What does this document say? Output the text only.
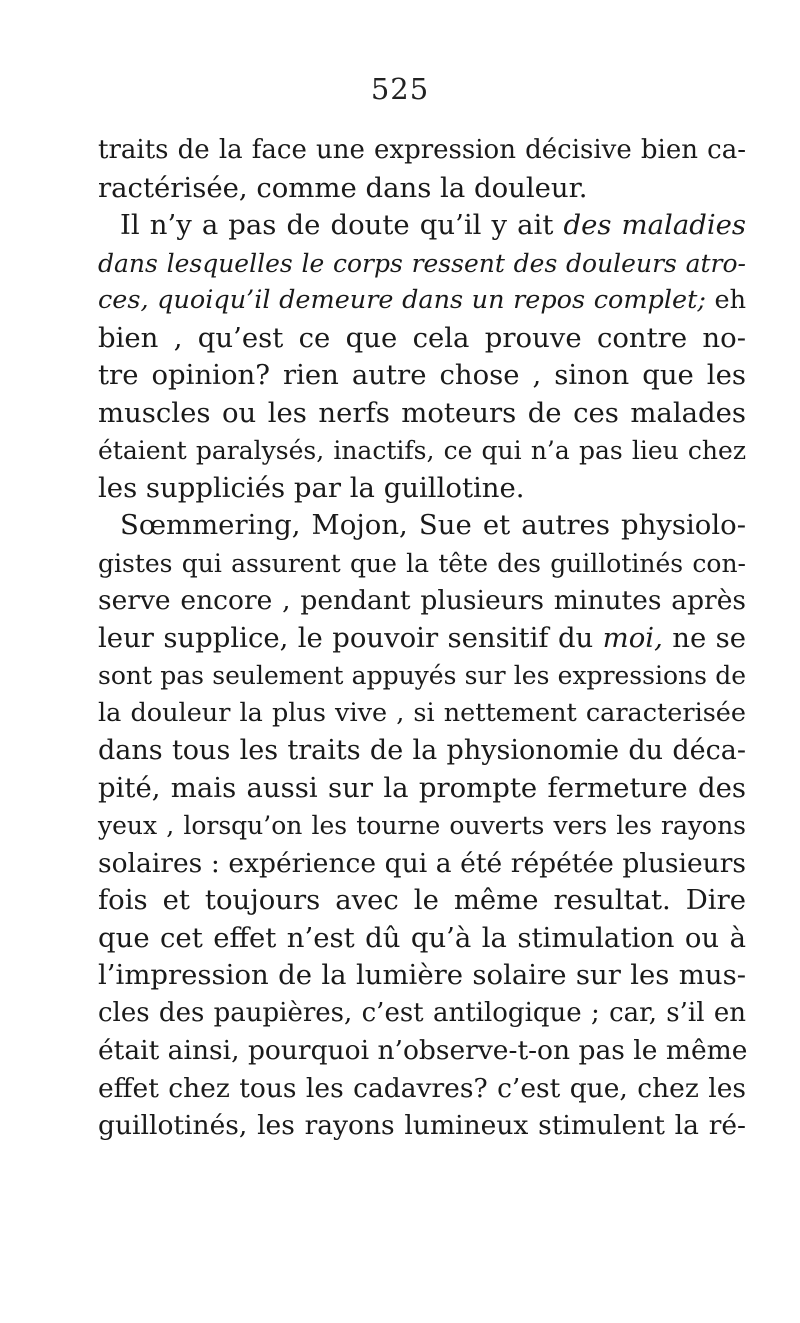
525
traits de la face une expression décisive bien ca-
ractérisée, comme dans la douleur.
Il n’y a pas de doute qu’il y ait des maladies
dans lesquelles le corps ressent des douleurs atro-
ces, quoiqu’il demeure dans un repos complet; eh
bien , qu’est ce que cela prouve contre no-
tre opinion? rien autre chose , sinon que les
muscles ou les nerfs moteurs de ces malades
étaient paralysés, inactifs, ce qui n’a pas lieu chez
les suppliciés par la guillotine.
Sœmmering, Mojon, Sue et autres physiolo-
gistes qui assurent que la tête des guillotinés con-
serve encore , pendant plusieurs minutes après
leur supplice, le pouvoir sensitif du moi, ne se
sont pas seulement appuyés sur les expressions de
la douleur la plus vive , si nettement caracterisée
dans tous les traits de la physionomie du déca-
pité, mais aussi sur la prompte fermeture des
yeux , lorsqu’on les tourne ouverts vers les rayons
solaires : expérience qui a été répétée plusieurs
fois et toujours avec le même resultat. Dire
que cet effet n’est dû qu’à la stimulation ou à
l’impression de la lumière solaire sur les mus-
cles des paupières, c’est antilogique ; car, s’il en
était ainsi, pourquoi n’observe-t-on pas le même
effet chez tous les cadavres? c’est que, chez les
guillotinés, les rayons lumineux stimulent la ré-
